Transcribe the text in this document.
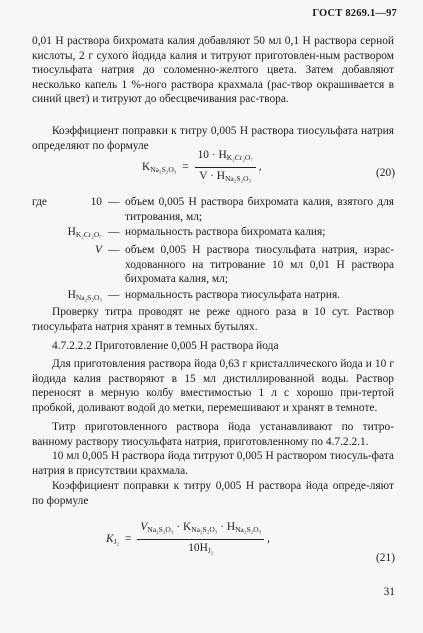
ГОСТ 8269.1—97
0,01 Н раствора бихромата калия добавляют 50 мл 0,1 Н раствора серной кислоты, 2 г сухого йодида калия и титруют приготовлен-ным раствором тиосульфата натрия до соломенно-желтого цвета. Затем добавляют несколько капель 1 %-ного раствора крахмала (рас-твор окрашивается в синий цвет) и титруют до обесцвечивания рас-твора.
Коэффициент поправки к титру 0,005 Н раствора тиосульфата натрия определяют по формуле
$K_{Na_2S_2O_3} = \frac{10 \cdot H_{K_2Cr_2O_7}}{V \cdot H_{Na_2S_2O_3}}$ ,
(20)
где	10 — объем 0,005 Н раствора бихромата калия, взятого для титрования, мл;
$H_{K_2Cr_2O_7}$ — нормальность раствора бихромата калия;
V — объем 0,005 Н раствора тиосульфата натрия, израс-ходованного на титрование 10 мл 0,01 Н раствора бихромата калия, мл;
$H_{Na_2S_2O_3}$ — нормальность раствора тиосульфата натрия.
Проверку титра проводят не реже одного раза в 10 сут. Раствор тиосульфата натрия хранят в темных бутылях.
4.7.2.2.2 Приготовление 0,005 Н раствора йода
Для приготовления раствора йода 0,63 г кристаллического йода и 10 г йодида калия растворяют в 15 мл дистиллированной воды. Раствор переносят в мерную колбу вместимостью 1 л с хорошо при-тертой пробкой, доливают водой до метки, перемешивают и хранят в темноте.
Титр приготовленного раствора йода устанавливают по титро-ванному раствору тиосульфата натрия, приготовленному по 4.7.2.2.1.
10 мл 0,005 Н раствора йода титруют 0,005 Н раствором тиосуль-фата натрия в присутствии крахмала.
Коэффициент поправки к титру 0,005 Н раствора йода опреде-ляют по формуле
$K_{J_2} = \frac{V_{Na_2S_2O_3} \cdot K_{Na_2S_2O_3} \cdot H_{Na_2S_2O_3}}{10H_{J_2}}$ ,
(21)
31
